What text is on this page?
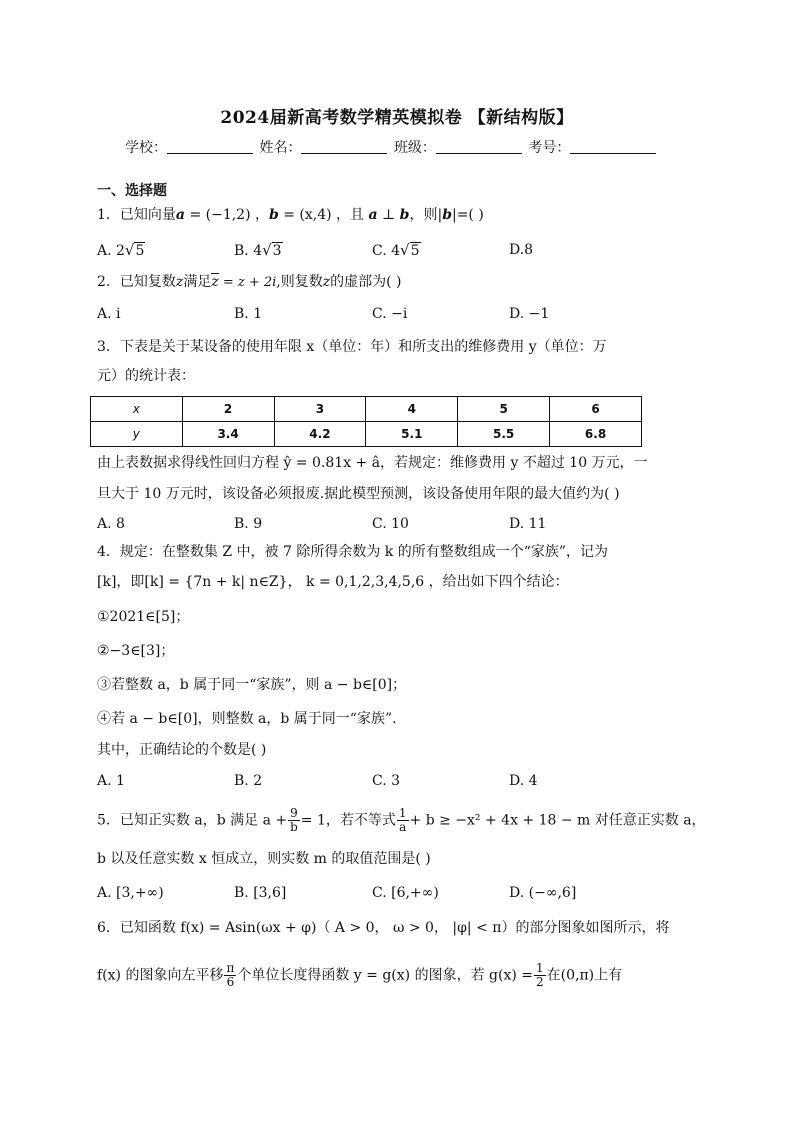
2024届新高考数学精英模拟卷 【新结构版】
学校：	姓名：	班级：	考号：
一、选择题
1．已知向量a = (−1,2) ，b = (x,4) ，且 a ⊥ b，则|b|=( )
A. 2√5	B. 4√3	C. 4√5	D.8
2．已知复数z满足z = z + 2i,则复数z的虚部为( )
A. i	B. 1	C. −i	D. −1
3．下表是关于某设备的使用年限 x（单位：年）和所支出的维修费用 y（单位：万
元）的统计表：
x	2	3	4	5	6
y	3.4	4.2	5.1	5.5	6.8
由上表数据求得线性回归方程 ŷ = 0.81x + â，若规定：维修费用 y 不超过 10 万元，一
旦大于 10 万元时，该设备必须报废.据此模型预测，该设备使用年限的最大值约为( )
A. 8	B. 9	C. 10	D. 11
4．规定：在整数集 Z 中，被 7 除所得余数为 k 的所有整数组成一个“家族”，记为
[k]，即[k] = {7n + k| n∈Z}， k = 0,1,2,3,4,5,6 ，给出如下四个结论：
①2021∈[5]；
②−3∈[3]；
③若整数 a，b 属于同一“家族”，则 a − b∈[0]；
④若 a − b∈[0]，则整数 a，b 属于同一“家族”.
其中，正确结论的个数是( )
A. 1	B. 2	C. 3	D. 4
5．已知正实数 a，b 满足 $a + \frac{9}{b} = 1$，若不等式 $\frac{1}{a} + b \ge -x^2 + 4x + 18 - m$ 对任意正实数 a，
b 以及任意实数 x 恒成立，则实数 m 的取值范围是( )
A. [3,+∞)	B. [3,6]	C. [6,+∞)	D. (−∞,6]
6．已知函数 f(x) = Asin(ωx + φ)（ A > 0， ω > 0， |φ| < π）的部分图象如图所示，将
f(x) 的图象向左平移 $\frac{\pi}{6}$ 个单位长度得函数 y = g(x) 的图象，若 $g(x) = \frac{1}{2}$ 在(0,π)上有
